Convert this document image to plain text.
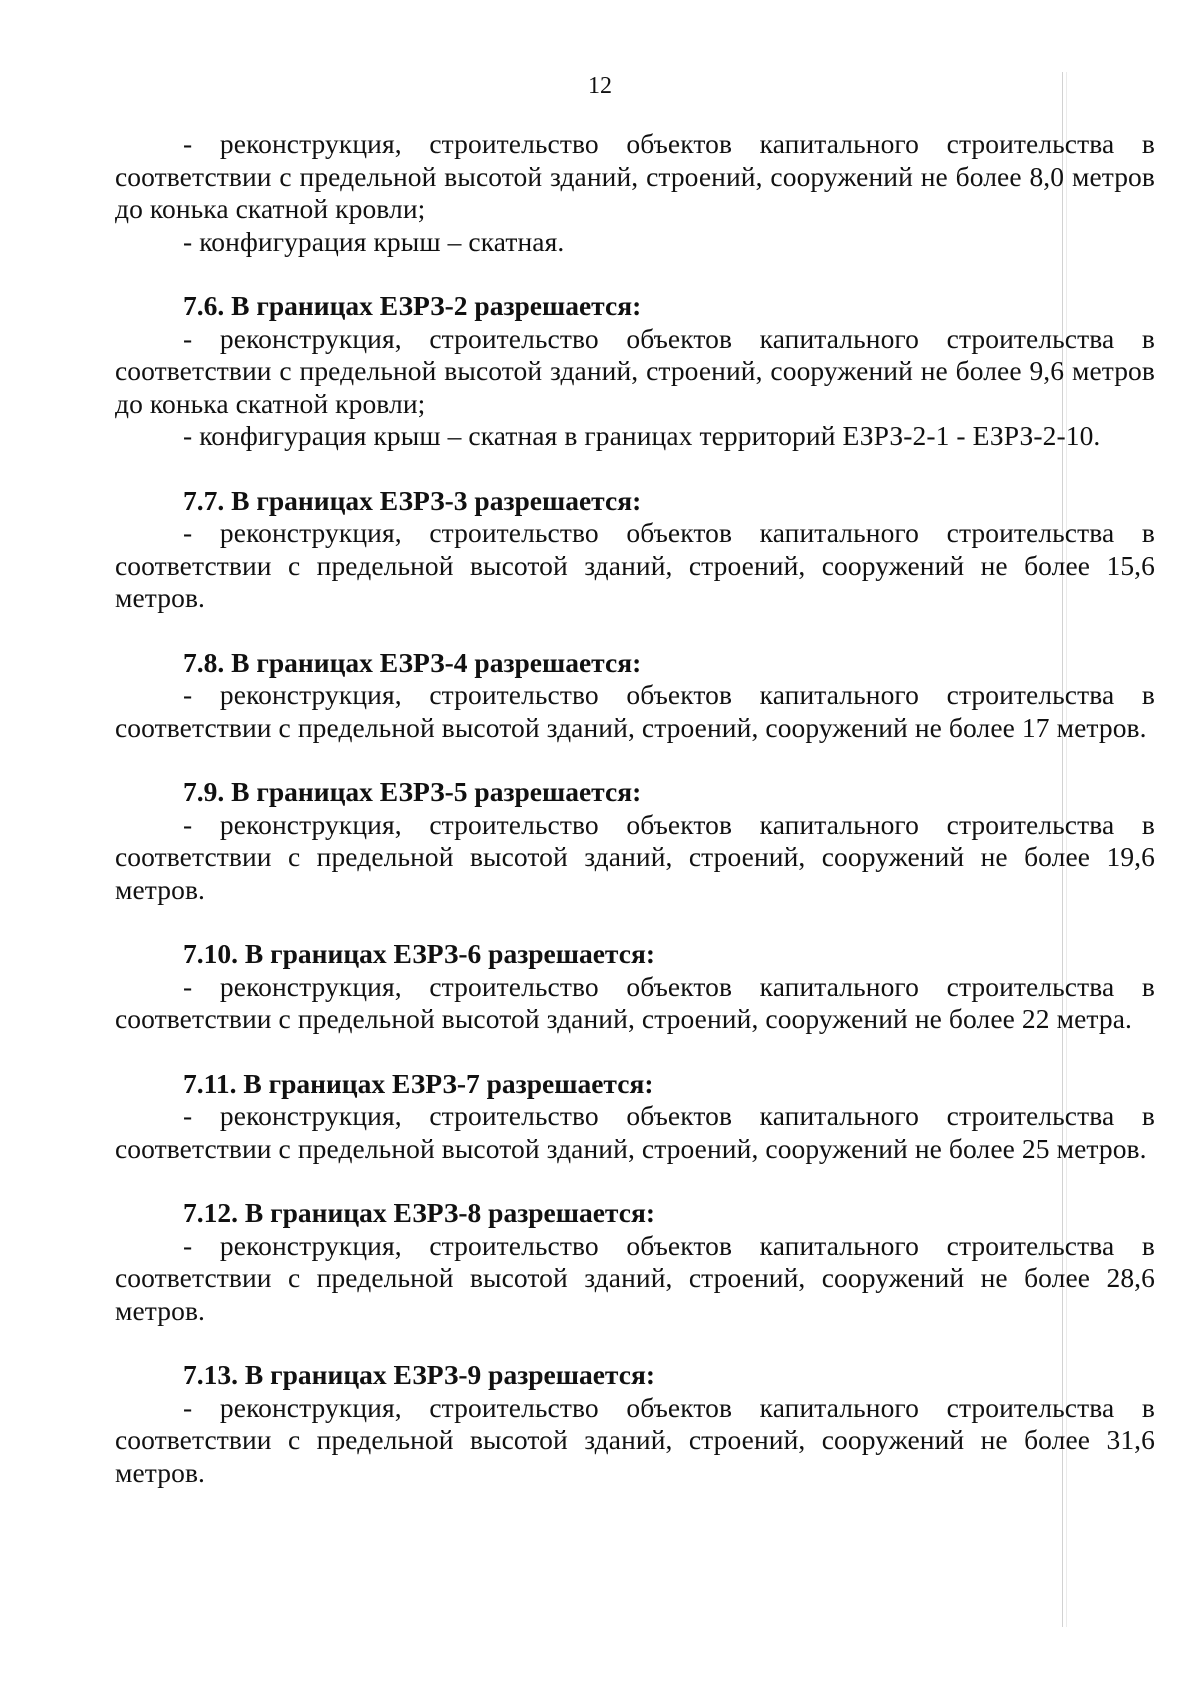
12

- реконструкция, строительство объектов капитального строительства в соответствии с предельной высотой зданий, строений, сооружений не более 8,0 метров до конька скатной кровли;

- конфигурация крыш – скатная.

7.6. В границах ЕЗРЗ-2 разрешается:

- реконструкция, строительство объектов капитального строительства в соответствии с предельной высотой зданий, строений, сооружений не более 9,6 метров до конька скатной кровли;

- конфигурация крыш – скатная в границах территорий ЕЗРЗ-2-1 - ЕЗРЗ-2-10.

7.7. В границах ЕЗРЗ-3 разрешается:

- реконструкция, строительство объектов капитального строительства в соответствии с предельной высотой зданий, строений, сооружений не более 15,6 метров.

7.8. В границах ЕЗРЗ-4 разрешается:

- реконструкция, строительство объектов капитального строительства в соответствии с предельной высотой зданий, строений, сооружений не более 17 метров.

7.9. В границах ЕЗРЗ-5 разрешается:

- реконструкция, строительство объектов капитального строительства в соответствии с предельной высотой зданий, строений, сооружений не более 19,6 метров.

7.10. В границах ЕЗРЗ-6 разрешается:

- реконструкция, строительство объектов капитального строительства в соответствии с предельной высотой зданий, строений, сооружений не более 22 метра.

7.11. В границах ЕЗРЗ-7 разрешается:

- реконструкция, строительство объектов капитального строительства в соответствии с предельной высотой зданий, строений, сооружений не более 25 метров.

7.12. В границах ЕЗРЗ-8 разрешается:

- реконструкция, строительство объектов капитального строительства в соответствии с предельной высотой зданий, строений, сооружений не более 28,6 метров.

7.13. В границах ЕЗРЗ-9 разрешается:

- реконструкция, строительство объектов капитального строительства в соответствии с предельной высотой зданий, строений, сооружений не более 31,6 метров.
